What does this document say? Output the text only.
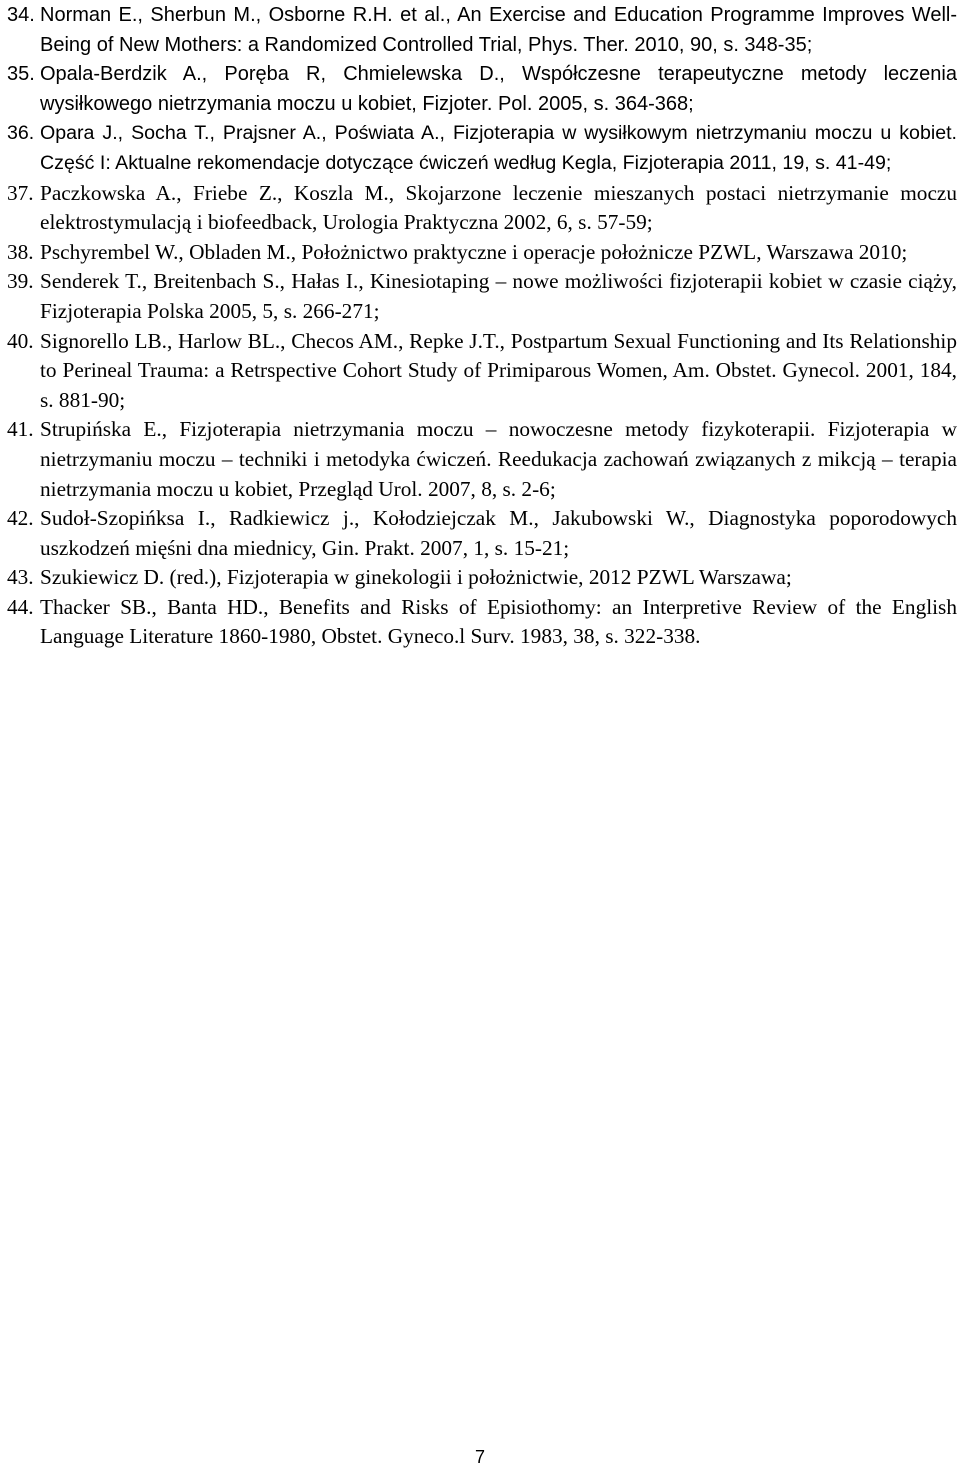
34. Norman E., Sherbun M., Osborne R.H. et al., An Exercise and Education Programme Improves Well-Being of New Mothers: a Randomized Controlled Trial, Phys. Ther. 2010, 90, s. 348-35;
35. Opala-Berdzik A., Poręba R, Chmielewska D., Współczesne terapeutyczne metody leczenia wysiłkowego nietrzymania moczu u kobiet, Fizjoter. Pol. 2005, s. 364-368;
36. Opara J., Socha T., Prajsner A., Poświata A., Fizjoterapia w wysiłkowym nietrzymaniu moczu u kobiet. Część I: Aktualne rekomendacje dotyczące ćwiczeń według Kegla, Fizjoterapia 2011, 19, s. 41-49;
37. Paczkowska A., Friebe Z., Koszla M., Skojarzone leczenie mieszanych postaci nietrzymanie moczu elektrostymulacją i biofeedback, Urologia Praktyczna 2002, 6, s. 57-59;
38. Pschyrembel W., Obladen M., Położnictwo praktyczne i operacje położnicze PZWL, Warszawa 2010;
39. Senderek T., Breitenbach S., Hałas I., Kinesiotaping – nowe możliwości fizjoterapii kobiet w czasie ciąży, Fizjoterapia Polska 2005, 5, s. 266-271;
40. Signorello LB., Harlow BL., Checos AM., Repke J.T., Postpartum Sexual Functioning and Its Relationship to Perineal Trauma: a Retrspective Cohort Study of Primiparous Women, Am. Obstet. Gynecol. 2001, 184, s. 881-90;
41. Strupińska E., Fizjoterapia nietrzymania moczu – nowoczesne metody fizykoterapii. Fizjoterapia w nietrzymaniu moczu – techniki i metodyka ćwiczeń. Reedukacja zachowań związanych z mikcją – terapia nietrzymania moczu u kobiet, Przegląd Urol. 2007, 8, s. 2-6;
42. Sudoł-Szopińksa I., Radkiewicz j., Kołodziejczak M., Jakubowski W., Diagnostyka poporodowych uszkodzeń mięśni dna miednicy, Gin. Prakt. 2007, 1, s. 15-21;
43. Szukiewicz D. (red.), Fizjoterapia w ginekologii i położnictwie, 2012 PZWL Warszawa;
44. Thacker SB., Banta HD., Benefits and Risks of Episiothomy: an Interpretive Review of the English Language Literature 1860-1980, Obstet. Gyneco.l Surv. 1983, 38, s. 322-338.
7
